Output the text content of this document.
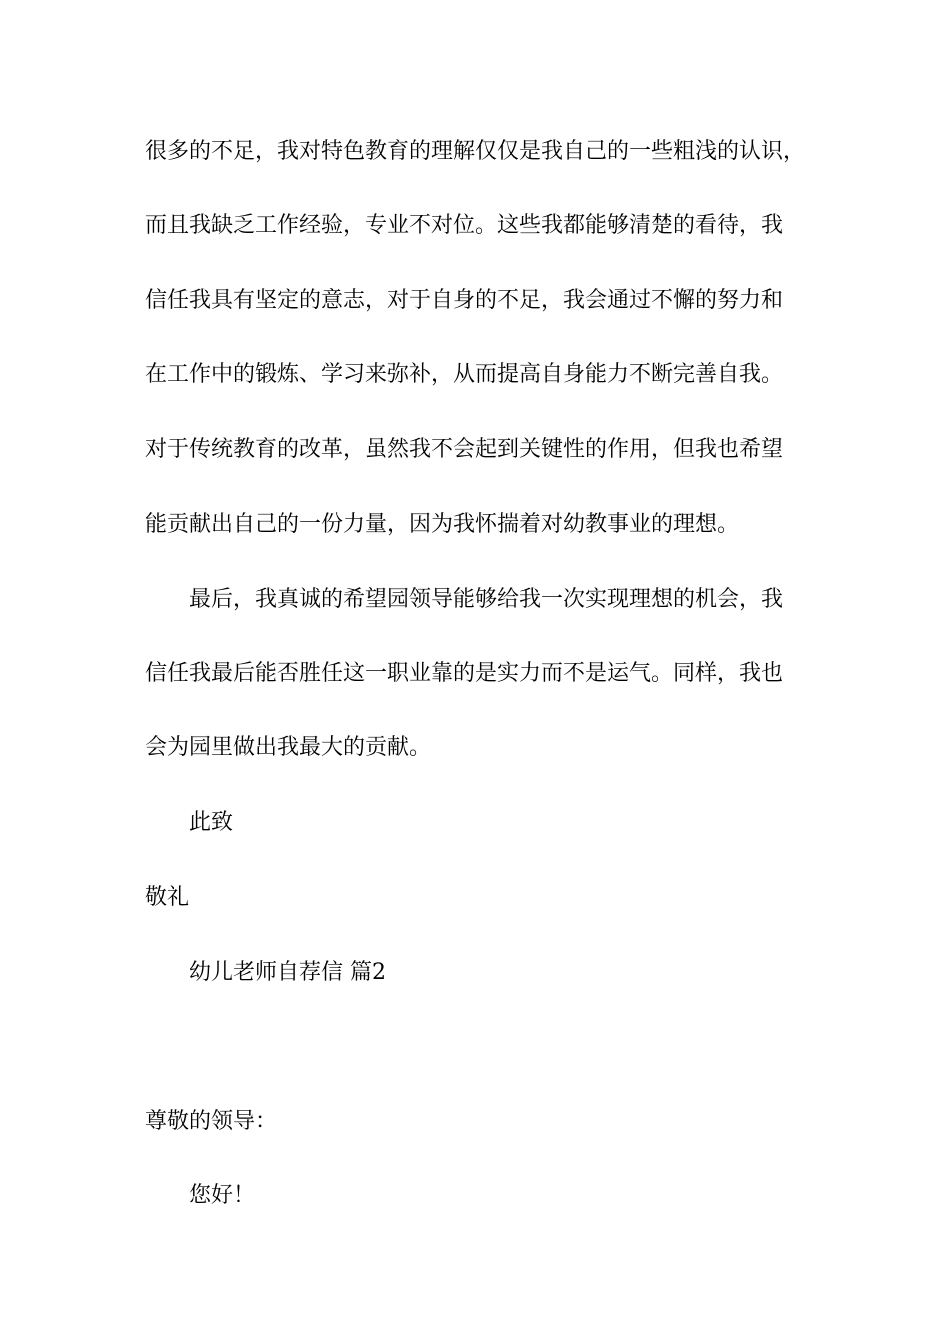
很多的不足，我对特色教育的理解仅仅是我自己的一些粗浅的认识，
而且我缺乏工作经验，专业不对位。这些我都能够清楚的看待，我
信任我具有坚定的意志，对于自身的不足，我会通过不懈的努力和
在工作中的锻炼、学习来弥补，从而提高自身能力不断完善自我。
对于传统教育的改革，虽然我不会起到关键性的作用，但我也希望
能贡献出自己的一份力量，因为我怀揣着对幼教事业的理想。
最后，我真诚的希望园领导能够给我一次实现理想的机会，我
信任我最后能否胜任这一职业靠的是实力而不是运气。同样，我也
会为园里做出我最大的贡献。
此致
敬礼
幼儿老师自荐信 篇2
尊敬的领导：
您好！
